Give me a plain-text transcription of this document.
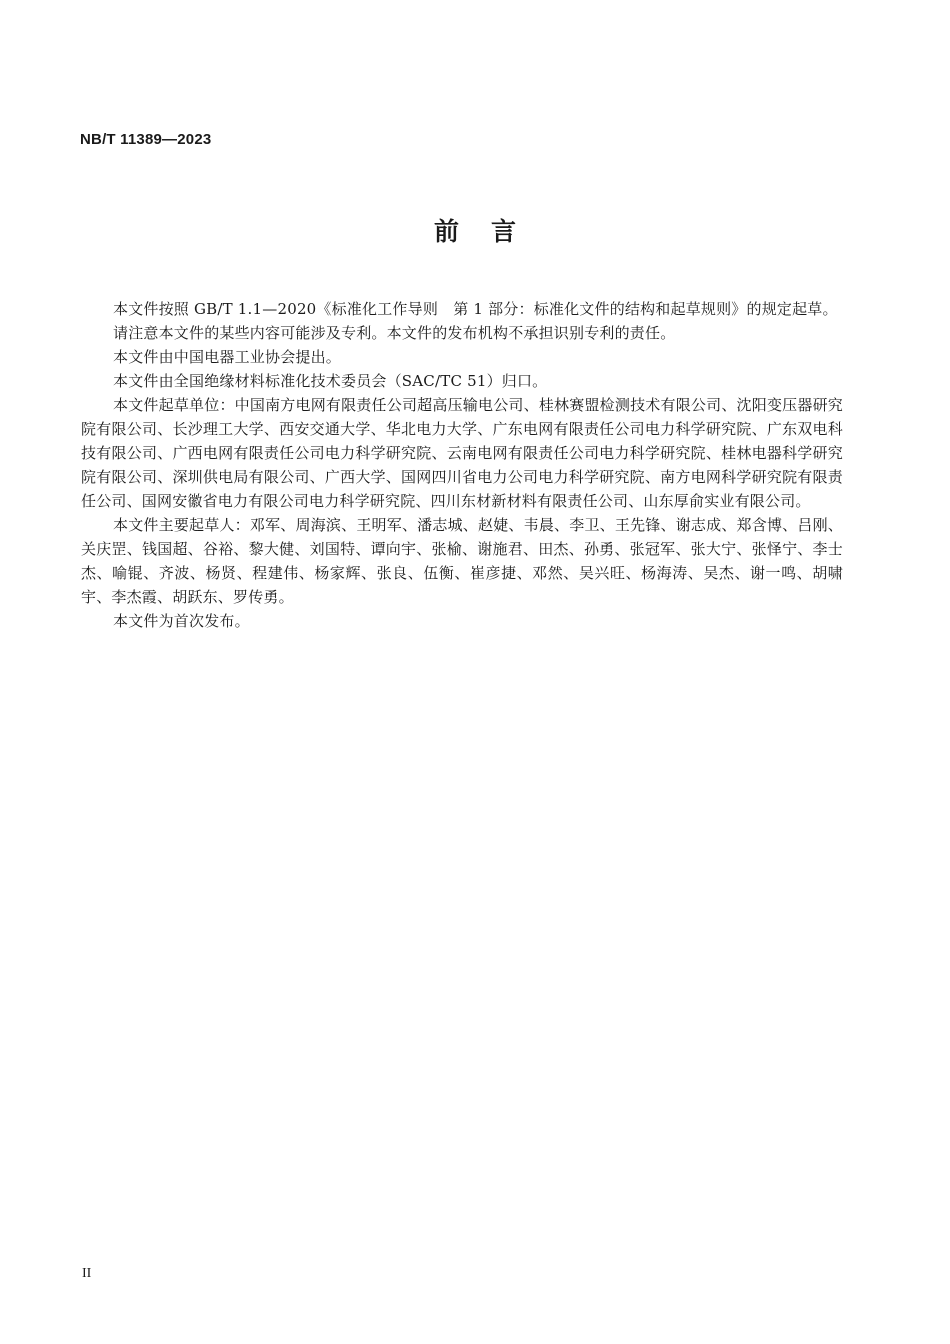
NB/T 11389—2023
前言

本文件按照 GB/T 1.1—2020《标准化工作导则　第 1 部分：标准化文件的结构和起草规则》的规定起草。

请注意本文件的某些内容可能涉及专利。本文件的发布机构不承担识别专利的责任。

本文件由中国电器工业协会提出。

本文件由全国绝缘材料标准化技术委员会（SAC/TC 51）归口。

本文件起草单位：中国南方电网有限责任公司超高压输电公司、桂林赛盟检测技术有限公司、沈阳变压器研究院有限公司、长沙理工大学、西安交通大学、华北电力大学、广东电网有限责任公司电力科学研究院、广东双电科技有限公司、广西电网有限责任公司电力科学研究院、云南电网有限责任公司电力科学研究院、桂林电器科学研究院有限公司、深圳供电局有限公司、广西大学、国网四川省电力公司电力科学研究院、南方电网科学研究院有限责任公司、国网安徽省电力有限公司电力科学研究院、四川东材新材料有限责任公司、山东厚俞实业有限公司。

本文件主要起草人：邓军、周海滨、王明军、潘志城、赵婕、韦晨、李卫、王先锋、谢志成、郑含博、吕刚、关庆罡、钱国超、谷裕、黎大健、刘国特、谭向宇、张榆、谢施君、田杰、孙勇、张冠军、张大宁、张怿宁、李士杰、喻锟、齐波、杨贤、程建伟、杨家辉、张良、伍衡、崔彦捷、邓然、吴兴旺、杨海涛、吴杰、谢一鸣、胡啸宇、李杰霞、胡跃东、罗传勇。

本文件为首次发布。

II
